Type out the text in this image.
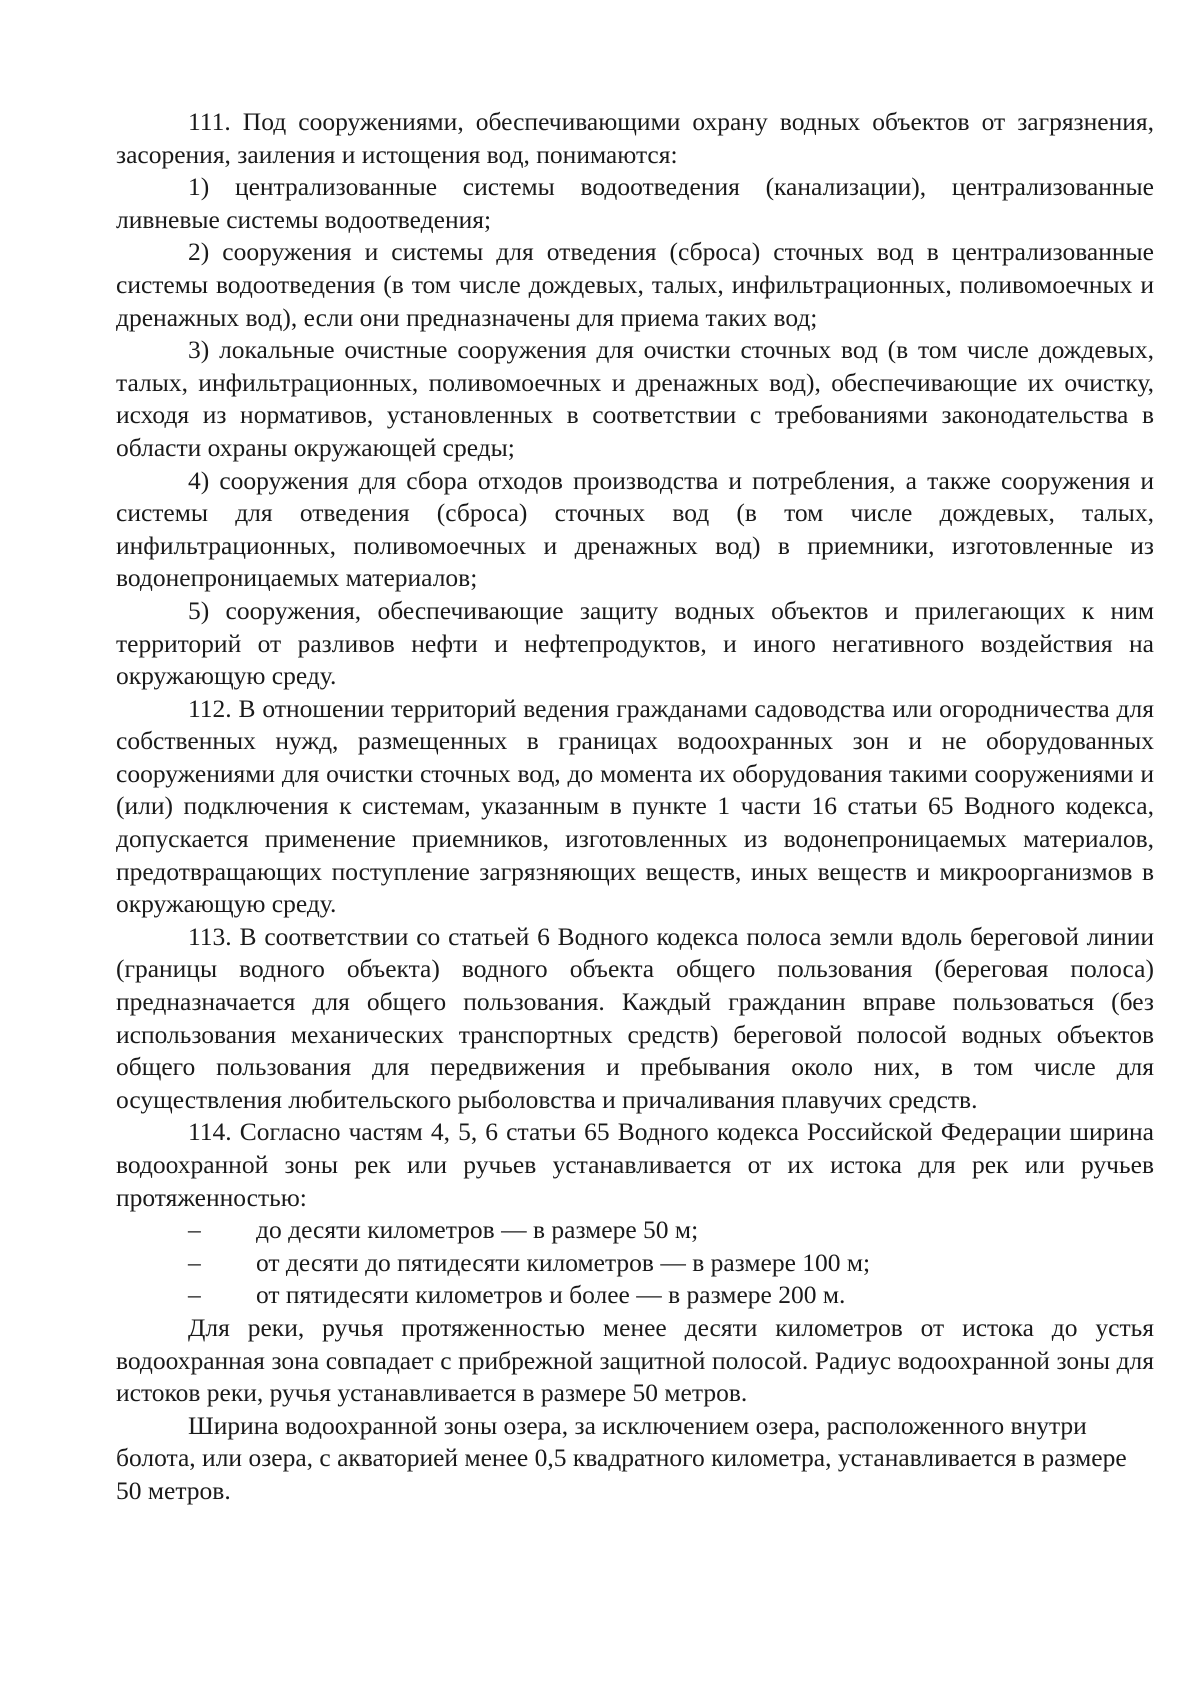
111. Под сооружениями, обеспечивающими охрану водных объектов от загрязнения, засорения, заиления и истощения вод, понимаются:

1) централизованные системы водоотведения (канализации), централизованные ливневые системы водоотведения;

2) сооружения и системы для отведения (сброса) сточных вод в централизованные системы водоотведения (в том числе дождевых, талых, инфильтрационных, поливомоечных и дренажных вод), если они предназначены для приема таких вод;

3) локальные очистные сооружения для очистки сточных вод (в том числе дождевых, талых, инфильтрационных, поливомоечных и дренажных вод), обеспечивающие их очистку, исходя из нормативов, установленных в соответствии с требованиями законодательства в области охраны окружающей среды;

4) сооружения для сбора отходов производства и потребления, а также сооружения и системы для отведения (сброса) сточных вод (в том числе дождевых, талых, инфильтрационных, поливомоечных и дренажных вод) в приемники, изготовленные из водонепроницаемых материалов;

5) сооружения, обеспечивающие защиту водных объектов и прилегающих к ним территорий от разливов нефти и нефтепродуктов, и иного негативного воздействия на окружающую среду.

112. В отношении территорий ведения гражданами садоводства или огородничества для собственных нужд, размещенных в границах водоохранных зон и не оборудованных сооружениями для очистки сточных вод, до момента их оборудования такими сооружениями и (или) подключения к системам, указанным в пункте 1 части 16 статьи 65 Водного кодекса, допускается применение приемников, изготовленных из водонепроницаемых материалов, предотвращающих поступление загрязняющих веществ, иных веществ и микроорганизмов в окружающую среду.

113. В соответствии со статьей 6 Водного кодекса полоса земли вдоль береговой линии (границы водного объекта) водного объекта общего пользования (береговая полоса) предназначается для общего пользования. Каждый гражданин вправе пользоваться (без использования механических транспортных средств) береговой полосой водных объектов общего пользования для передвижения и пребывания около них, в том числе для осуществления любительского рыболовства и причаливания плавучих средств.

114. Согласно частям 4, 5, 6 статьи 65 Водного кодекса Российской Федерации ширина водоохранной зоны рек или ручьев устанавливается от их истока для рек или ручьев протяженностью:

–	до десяти километров — в размере 50 м;
–	от десяти до пятидесяти километров — в размере 100 м;
–	от пятидесяти километров и более — в размере 200 м.

Для реки, ручья протяженностью менее десяти километров от истока до устья водоохранная зона совпадает с прибрежной защитной полосой. Радиус водоохранной зоны для истоков реки, ручья устанавливается в размере 50 метров.

Ширина водоохранной зоны озера, за исключением озера, расположенного внутри болота, или озера, с акваторией менее 0,5 квадратного километра, устанавливается в размере 50 метров.
